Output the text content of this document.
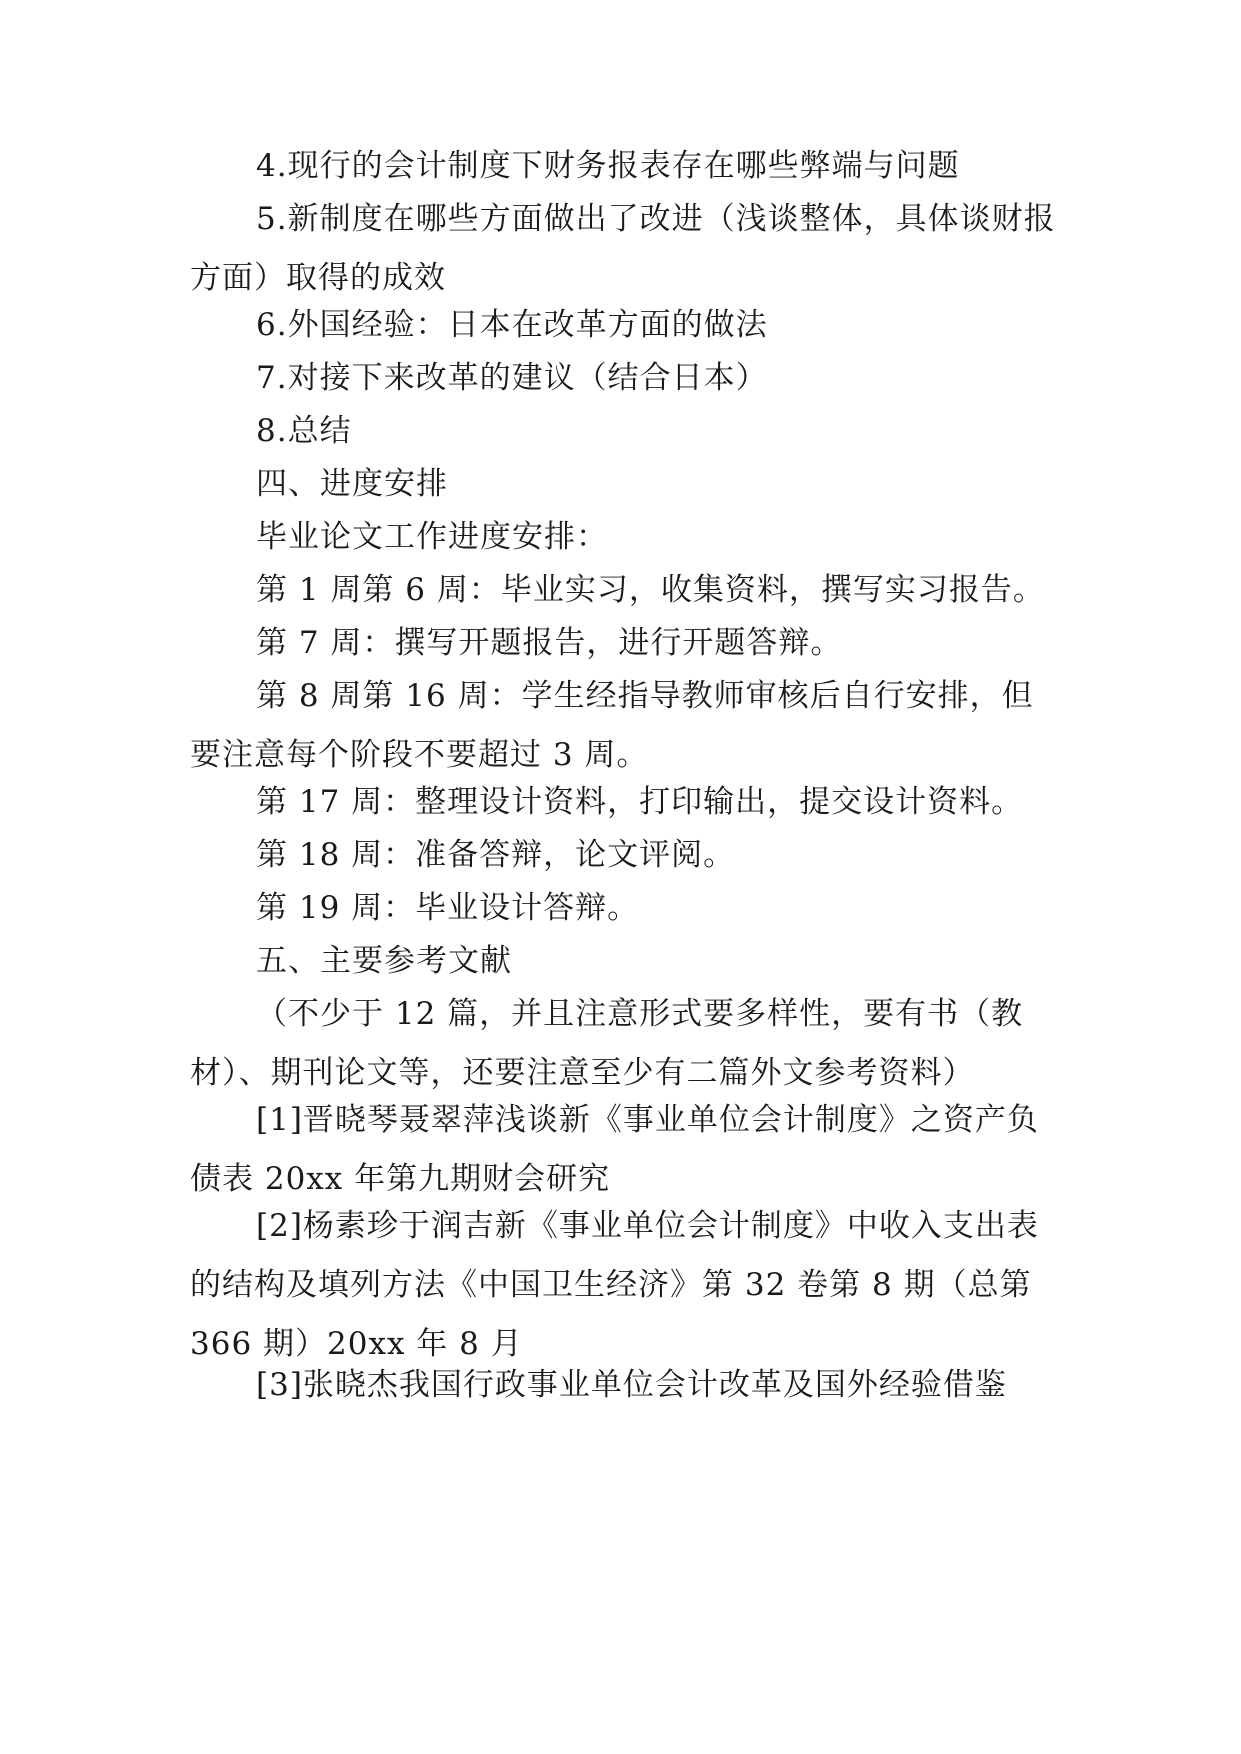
4.现行的会计制度下财务报表存在哪些弊端与问题

5.新制度在哪些方面做出了改进（浅谈整体，具体谈财报方面）取得的成效

6.外国经验：日本在改革方面的做法

7.对接下来改革的建议（结合日本）

8.总结

四、进度安排

毕业论文工作进度安排：

第 1 周第 6 周：毕业实习，收集资料，撰写实习报告。

第 7 周：撰写开题报告，进行开题答辩。

第 8 周第 16 周：学生经指导教师审核后自行安排，但要注意每个阶段不要超过 3 周。

第 17 周：整理设计资料，打印输出，提交设计资料。

第 18 周：准备答辩，论文评阅。

第 19 周：毕业设计答辩。

五、主要参考文献

（不少于 12 篇，并且注意形式要多样性，要有书（教材）、期刊论文等，还要注意至少有二篇外文参考资料）

[1]晋晓琴聂翠萍浅谈新《事业单位会计制度》之资产负债表 20xx 年第九期财会研究

[2]杨素珍于润吉新《事业单位会计制度》中收入支出表的结构及填列方法《中国卫生经济》第 32 卷第 8 期（总第 366 期）20xx 年 8 月

[3]张晓杰我国行政事业单位会计改革及国外经验借鉴
